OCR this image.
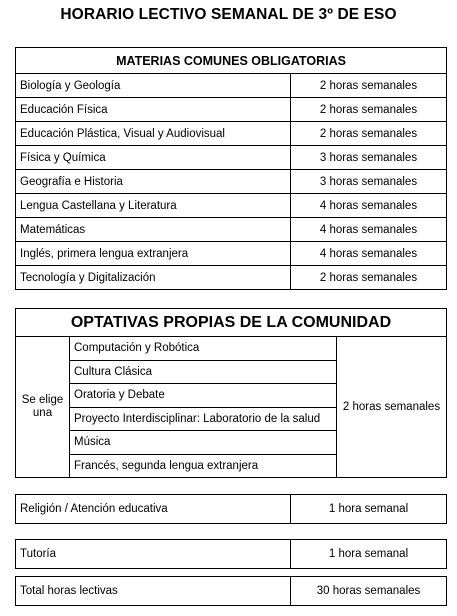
HORARIO LECTIVO SEMANAL DE 3º DE ESO
MATERIAS COMUNES OBLIGATORIAS	
Biología y Geología	2 horas semanales
Educación Física	2 horas semanales
Educación Plástica, Visual y Audiovisual	2 horas semanales
Física y Química	3 horas semanales
Geografía e Historia	3 horas semanales
Lengua Castellana y Literatura	4 horas semanales
Matemáticas	4 horas semanales
Inglés, primera lengua extranjera	4 horas semanales
Tecnología y Digitalización	2 horas semanales
OPTATIVAS PROPIAS DE LA COMUNIDAD
Se elige una	Computación y Robótica	2 horas semanales
Cultura Clásica
Oratoria y Debate
Proyecto Interdisciplinar: Laboratorio de la salud
Música
Francés, segunda lengua extranjera
Religión / Atención educativa	1 hora semanal
Tutoría	1 hora semanal
Total horas lectivas	30 horas semanales
